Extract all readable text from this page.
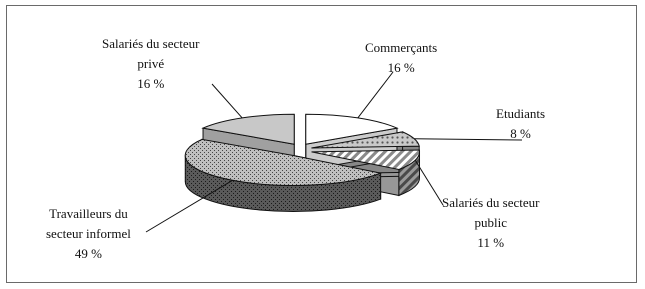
Commerçants
16 %
Etudiants
8 %
Salariés du secteur
public
11 %
Travailleurs du
secteur informel
49 %
Salariés du secteur
privé
16 %
